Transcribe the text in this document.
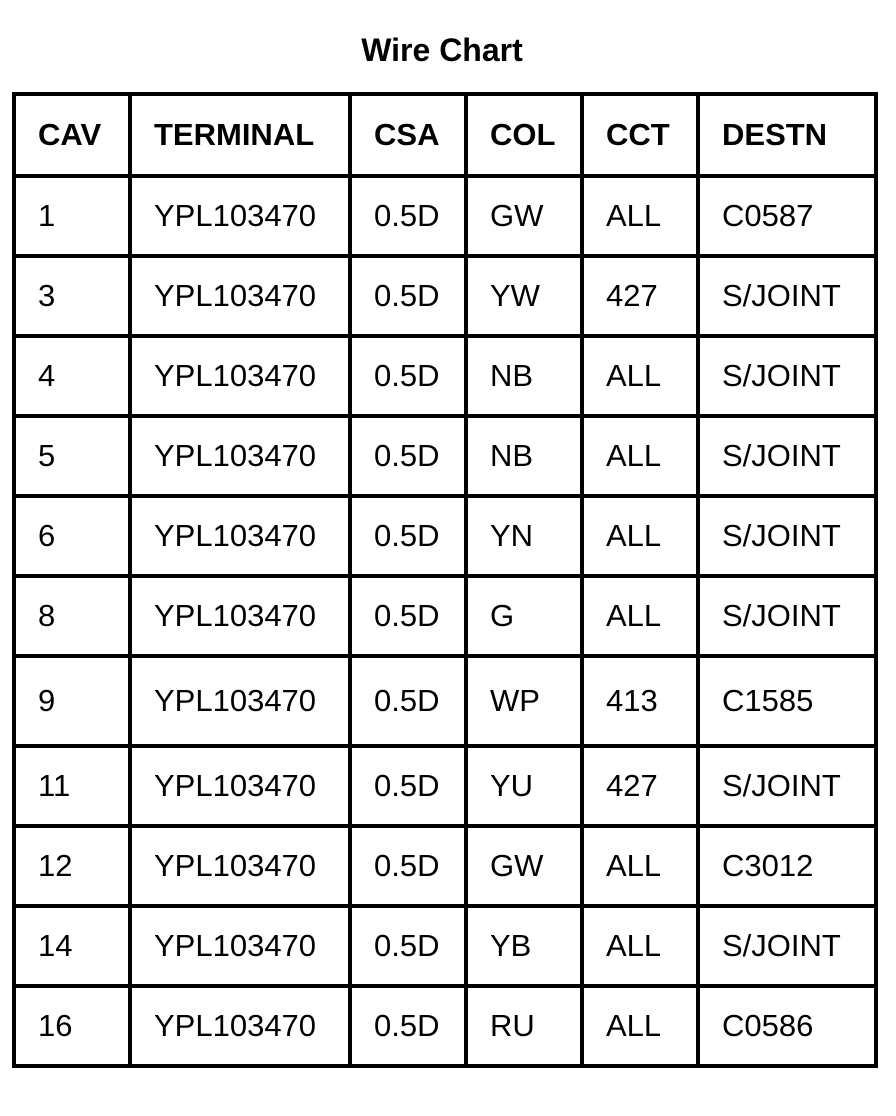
Wire Chart
CAV	TERMINAL	CSA	COL	CCT	DESTN
1	YPL103470	0.5D	GW	ALL	C0587
3	YPL103470	0.5D	YW	427	S/JOINT
4	YPL103470	0.5D	NB	ALL	S/JOINT
5	YPL103470	0.5D	NB	ALL	S/JOINT
6	YPL103470	0.5D	YN	ALL	S/JOINT
8	YPL103470	0.5D	G	ALL	S/JOINT
9	YPL103470	0.5D	WP	413	C1585
11	YPL103470	0.5D	YU	427	S/JOINT
12	YPL103470	0.5D	GW	ALL	C3012
14	YPL103470	0.5D	YB	ALL	S/JOINT
16	YPL103470	0.5D	RU	ALL	C0586
